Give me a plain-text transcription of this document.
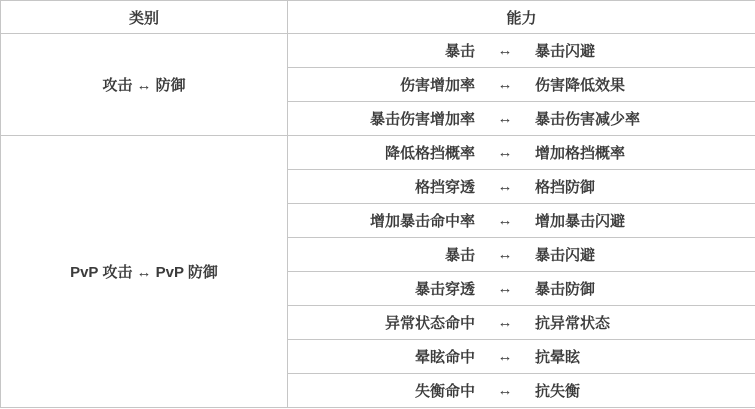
类别	能力
攻击 ↔ 防御	暴击 ↔ 暴击闪避

	伤害增加率 ↔ 伤害降低效果

	暴击伤害增加率 ↔ 暴击伤害减少率

PvP 攻击 ↔ PvP 防御	降低格挡概率 ↔ 增加格挡概率

	格挡穿透 ↔ 格挡防御

	增加暴击命中率 ↔ 增加暴击闪避

	暴击 ↔ 暴击闪避

	暴击穿透 ↔ 暴击防御

	异常状态命中 ↔ 抗异常状态

	晕眩命中 ↔ 抗晕眩

	失衡命中 ↔ 抗失衡
